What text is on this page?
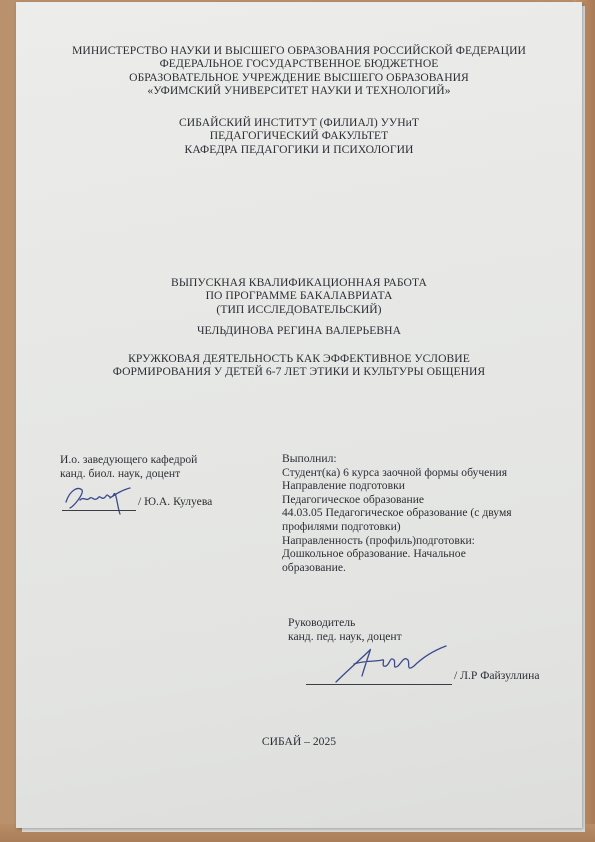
МИНИСТЕРСТВО НАУКИ И ВЫСШЕГО ОБРАЗОВАНИЯ РОССИЙСКОЙ ФЕДЕРАЦИИ
ФЕДЕРАЛЬНОЕ ГОСУДАРСТВЕННОЕ БЮДЖЕТНОЕ
ОБРАЗОВАТЕЛЬНОЕ УЧРЕЖДЕНИЕ ВЫСШЕГО ОБРАЗОВАНИЯ
«УФИМСКИЙ УНИВЕРСИТЕТ НАУКИ И ТЕХНОЛОГИЙ»
СИБАЙСКИЙ ИНСТИТУТ (ФИЛИАЛ) УУНиТ
ПЕДАГОГИЧЕСКИЙ ФАКУЛЬТЕТ
КАФЕДРА ПЕДАГОГИКИ И ПСИХОЛОГИИ
ВЫПУСКНАЯ КВАЛИФИКАЦИОННАЯ РАБОТА
ПО ПРОГРАММЕ БАКАЛАВРИАТА
(ТИП ИССЛЕДОВАТЕЛЬСКИЙ)
ЧЕЛЬДИНОВА РЕГИНА ВАЛЕРЬЕВНА
КРУЖКОВАЯ ДЕЯТЕЛЬНОСТЬ КАК ЭФФЕКТИВНОЕ УСЛОВИЕ
ФОРМИРОВАНИЯ У ДЕТЕЙ 6-7 ЛЕТ ЭТИКИ И КУЛЬТУРЫ ОБЩЕНИЯ
И.о. заведующего кафедрой
канд. биол. наук, доцент
/ Ю.А. Кулуева
Выполнил:
Студент(ка) 6 курса заочной формы обучения
Направление подготовки
Педагогическое образование
44.03.05 Педагогическое образование (с двумя
профилями подготовки)
Направленность (профиль)подготовки:
Дошкольное образование. Начальное
образование.
Руководитель
канд. пед. наук, доцент
/ Л.Р Файзуллина
СИБАЙ – 2025
